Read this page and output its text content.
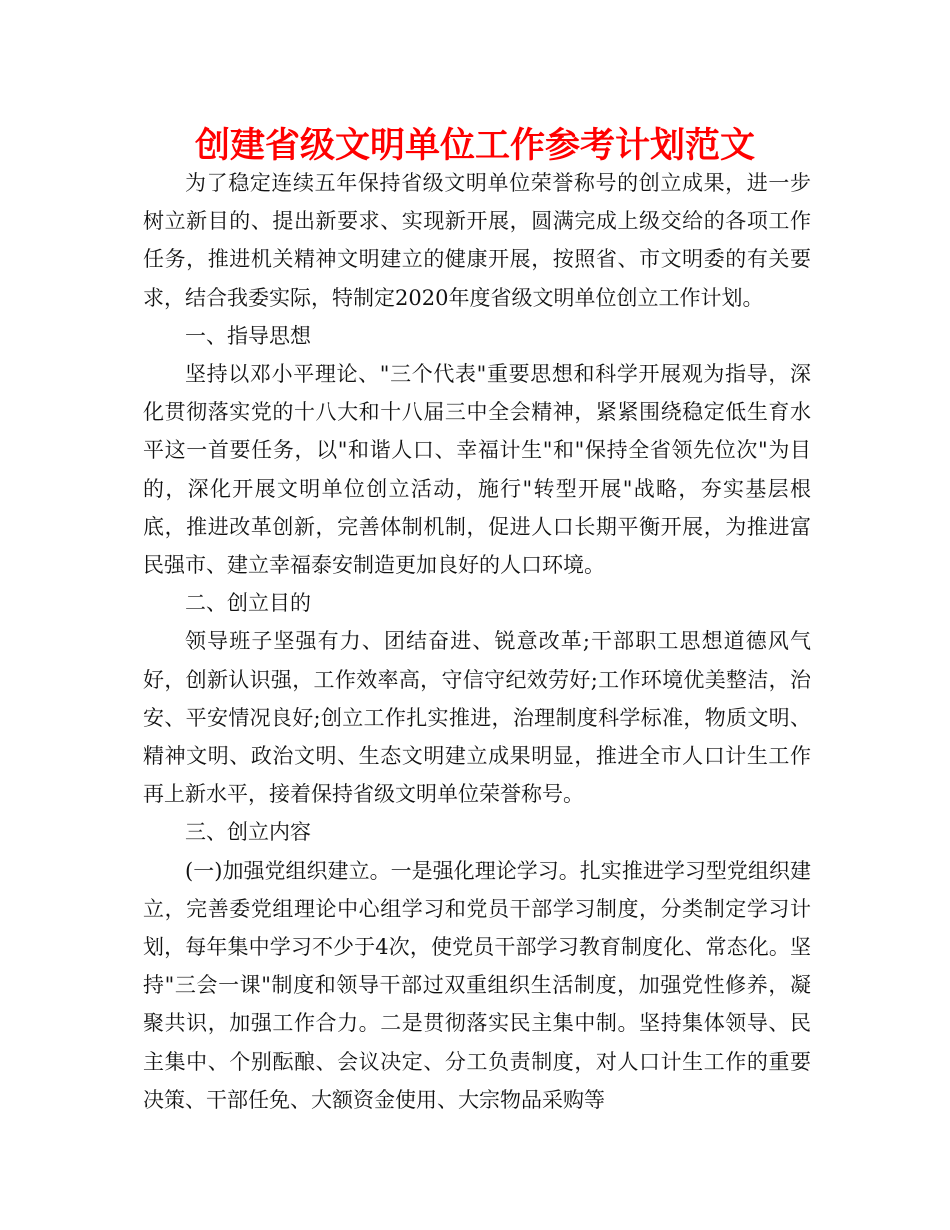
创建省级文明单位工作参考计划范文

为了稳定连续五年保持省级文明单位荣誉称号的创立成果，进一步树立新目的、提出新要求、实现新开展，圆满完成上级交给的各项工作任务，推进机关精神文明建立的健康开展，按照省、市文明委的有关要求，结合我委实际，特制定2020年度省级文明单位创立工作计划。

一、指导思想

坚持以邓小平理论、"三个代表"重要思想和科学开展观为指导，深化贯彻落实党的十八大和十八届三中全会精神，紧紧围绕稳定低生育水平这一首要任务，以"和谐人口、幸福计生"和"保持全省领先位次"为目的，深化开展文明单位创立活动，施行"转型开展"战略，夯实基层根底，推进改革创新，完善体制机制，促进人口长期平衡开展，为推进富民强市、建立幸福泰安制造更加良好的人口环境。

二、创立目的

领导班子坚强有力、团结奋进、锐意改革;干部职工思想道德风气好，创新认识强，工作效率高，守信守纪效劳好;工作环境优美整洁，治安、平安情况良好;创立工作扎实推进，治理制度科学标准，物质文明、精神文明、政治文明、生态文明建立成果明显，推进全市人口计生工作再上新水平，接着保持省级文明单位荣誉称号。

三、创立内容

(一)加强党组织建立。一是强化理论学习。扎实推进学习型党组织建立，完善委党组理论中心组学习和党员干部学习制度，分类制定学习计划，每年集中学习不少于4次，使党员干部学习教育制度化、常态化。坚持"三会一课"制度和领导干部过双重组织生活制度，加强党性修养，凝聚共识，加强工作合力。二是贯彻落实民主集中制。坚持集体领导、民主集中、个别酝酿、会议决定、分工负责制度，对人口计生工作的重要决策、干部任免、大额资金使用、大宗物品采购等
